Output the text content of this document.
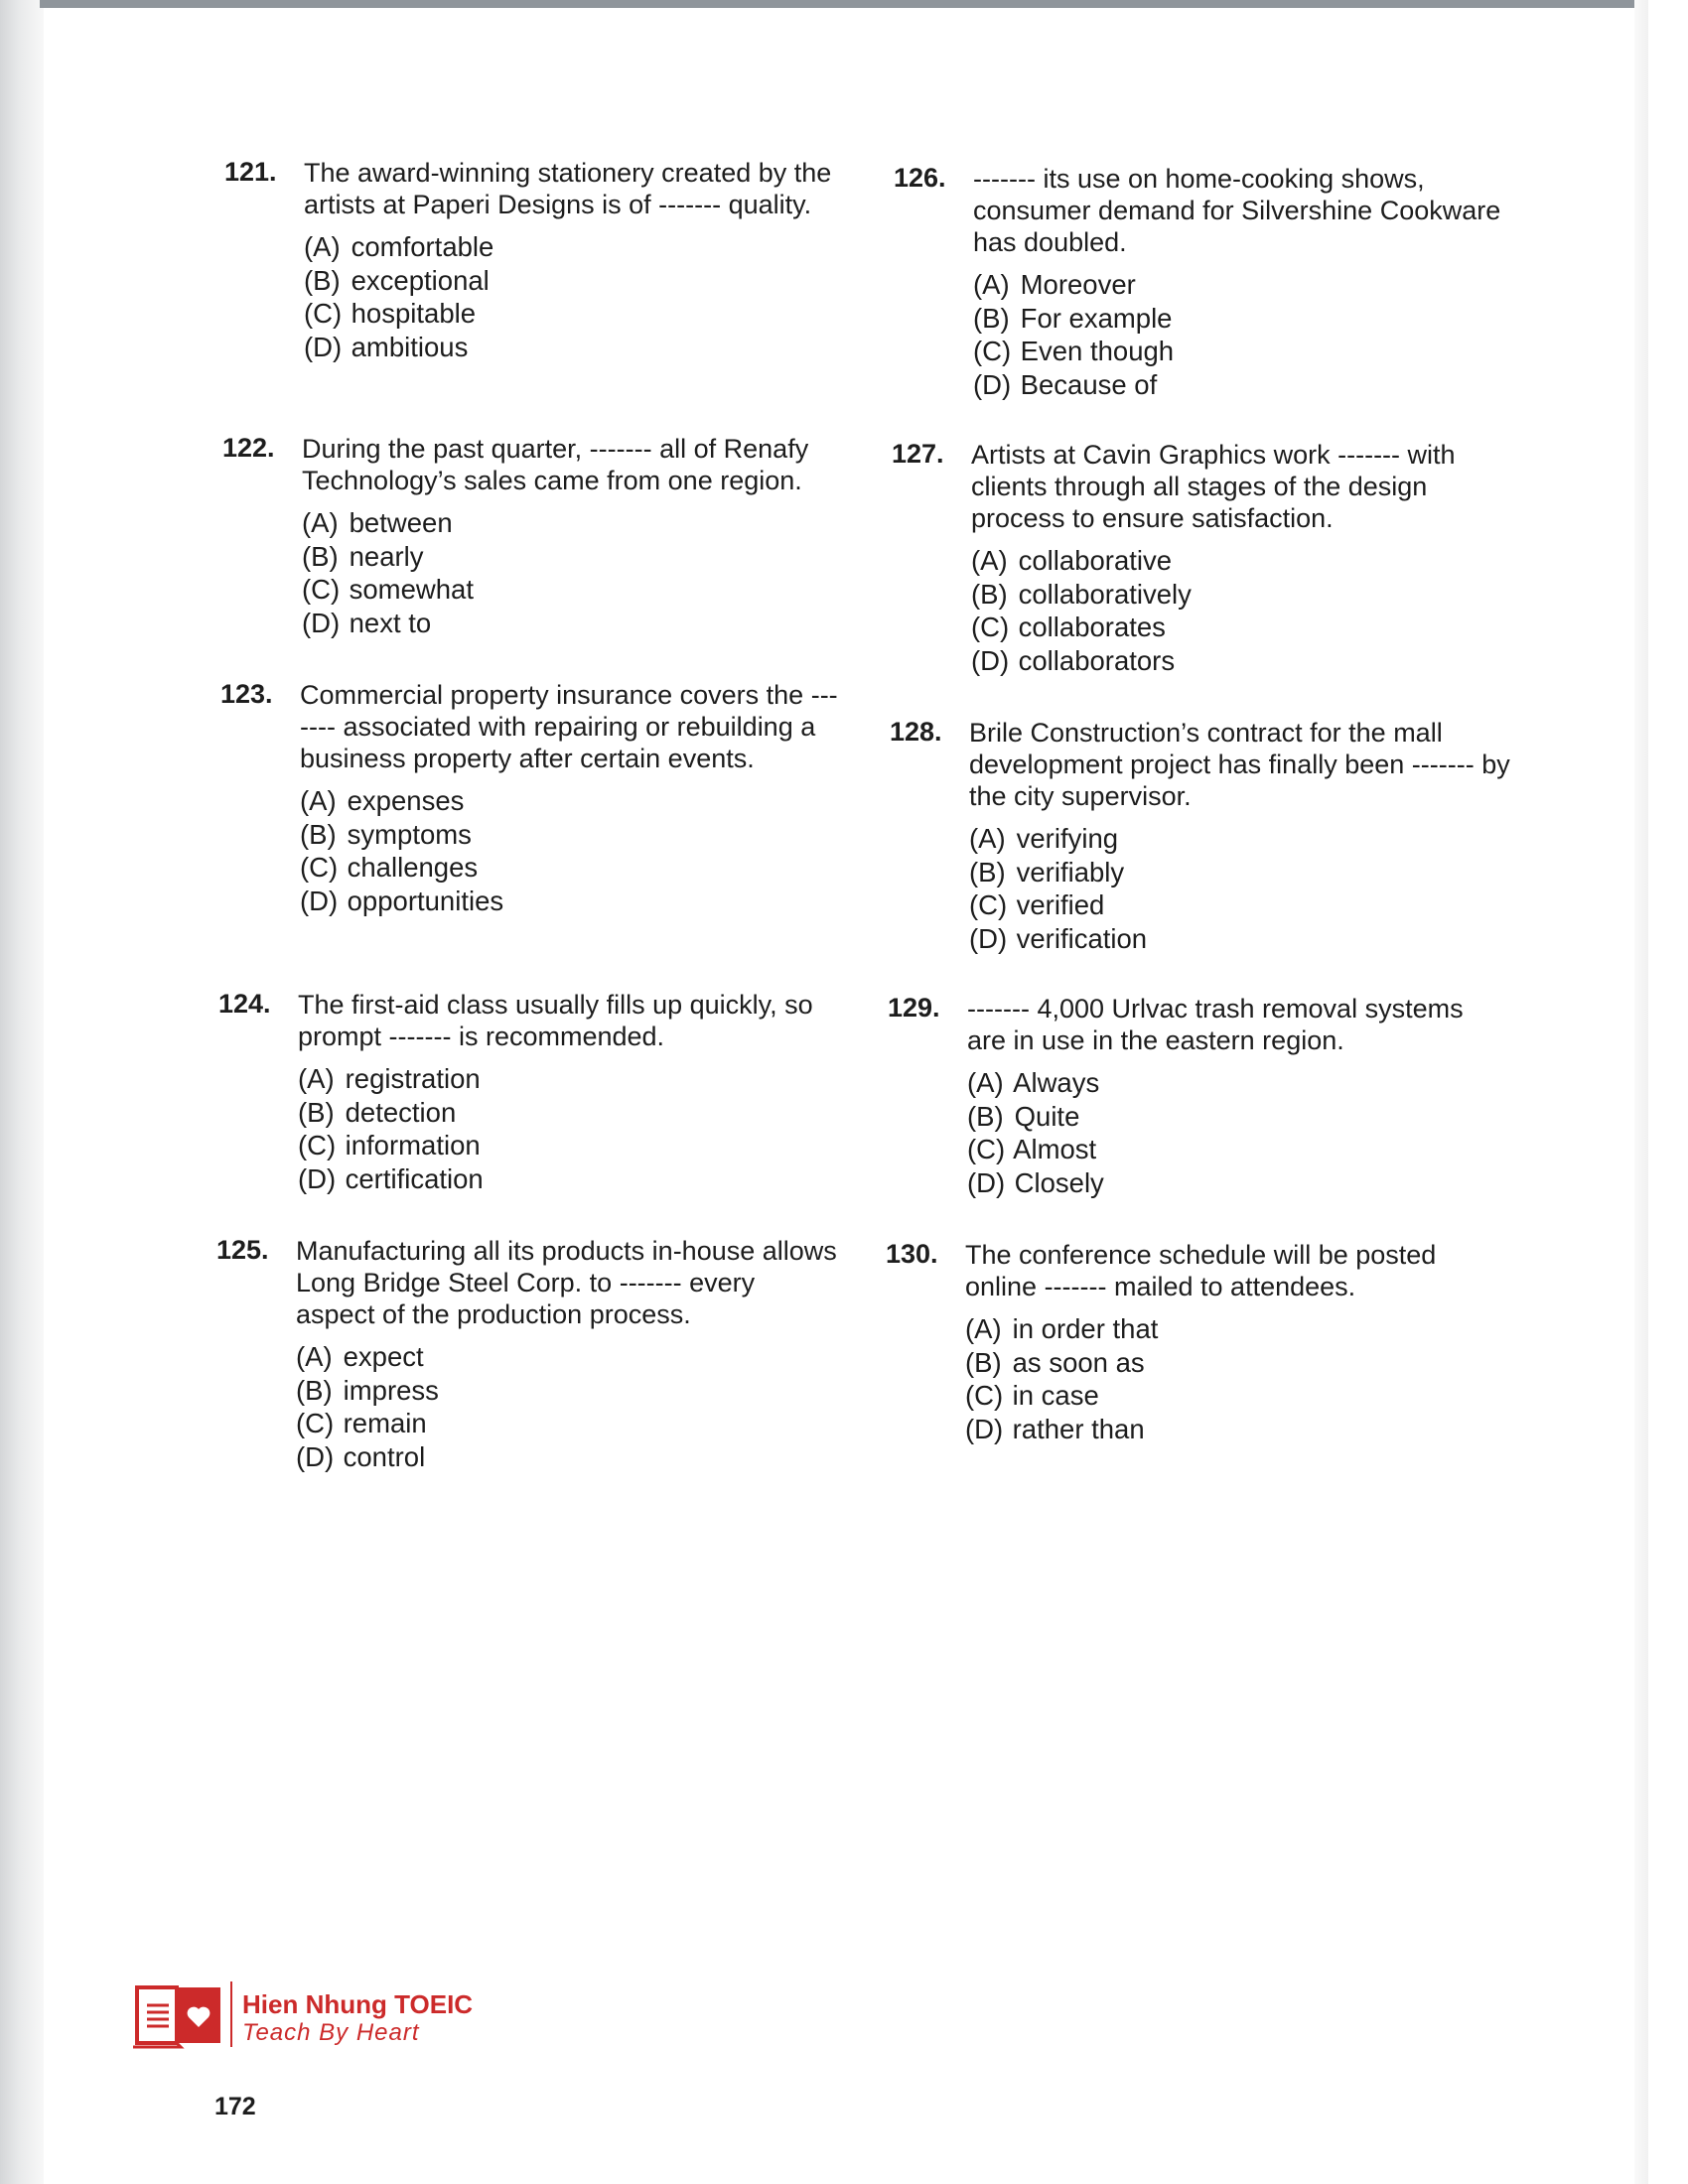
121. The award-winning stationery created by the artists at Paperi Designs is of ------- quality.
(A) comfortable
(B) exceptional
(C) hospitable
(D) ambitious
122. During the past quarter, ------- all of Renafy Technology’s sales came from one region.
(A) between
(B) nearly
(C) somewhat
(D) next to
123. Commercial property insurance covers the ------- associated with repairing or rebuilding a business property after certain events.
(A) expenses
(B) symptoms
(C) challenges
(D) opportunities
124. The first-aid class usually fills up quickly, so prompt ------- is recommended.
(A) registration
(B) detection
(C) information
(D) certification
125. Manufacturing all its products in-house allows Long Bridge Steel Corp. to ------- every aspect of the production process.
(A) expect
(B) impress
(C) remain
(D) control
126. ------- its use on home-cooking shows, consumer demand for Silvershine Cookware has doubled.
(A) Moreover
(B) For example
(C) Even though
(D) Because of
127. Artists at Cavin Graphics work ------- with clients through all stages of the design process to ensure satisfaction.
(A) collaborative
(B) collaboratively
(C) collaborates
(D) collaborators
128. Brile Construction’s contract for the mall development project has finally been ------- by the city supervisor.
(A) verifying
(B) verifiably
(C) verified
(D) verification
129. ------- 4,000 Urlvac trash removal systems are in use in the eastern region.
(A) Always
(B) Quite
(C) Almost
(D) Closely
130. The conference schedule will be posted online ------- mailed to attendees.
(A) in order that
(B) as soon as
(C) in case
(D) rather than
Hien Nhung TOEIC
Teach By Heart
172
